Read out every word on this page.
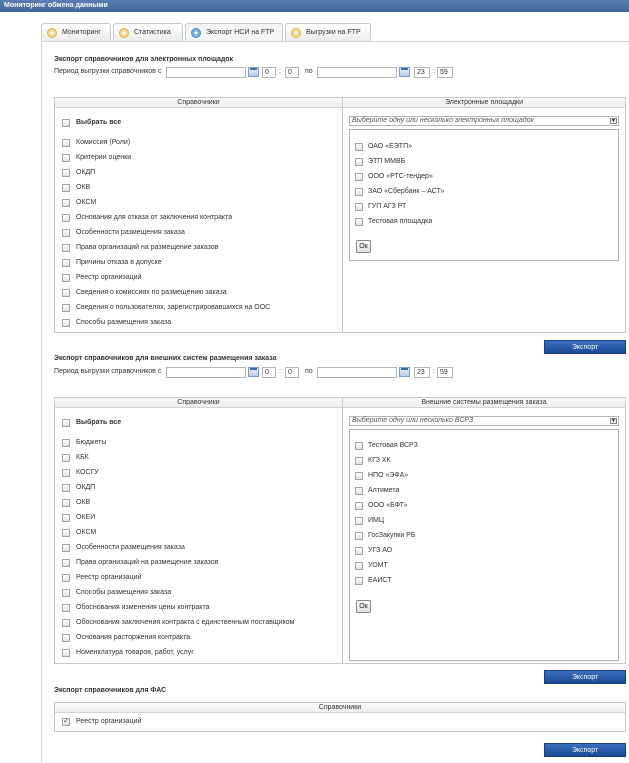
Мониторинг обмена данными
Мониторинг	Статистика	Экспорт НСИ на FTP	Выгрузки на FTP
Экспорт справочников для электронных площадок
Период выгрузки справочников с	0	:	0	по	23	: 59
Справочники	Электронные площадки
Выбрать все
Комиссия (Роли)
Критерии оценки
ОКДП
ОКВ
ОКСМ
Основания для отказа от заключения контракта
Особенности размещения заказа
Права организаций на размещение заказов
Причины отказа в допуске
Реестр организаций
Сведения о комиссиях по размещению заказа
Сведения о пользователях, зарегистрировавшихся на ООС
Способы размещения заказа
Выберите одну или несколько электронных площадок	▼
ОАО «ЕЭТП»
ЭТП ММВБ
ООО «РТС-тендер»
ЗАО «Сбербанк – АСТ»
ГУП АГЗ РТ
Тестовая площадка
Ок
Экспорт
Экспорт справочников для внешних систем размещения заказа
Период выгрузки справочников с	0	:	0	по	23	: 59
Справочники	Внешние системы размещения заказа
Выбрать все
Бюджеты
КБК
КОСГУ
ОКДП
ОКВ
ОКЕИ
ОКСМ
Особенности размещения заказа
Права организаций на размещение заказов
Реестр организаций
Способы размещения заказа
Обоснования изменения цены контракта
Обоснования заключения контракта с единственным поставщиком
Основания расторжения контракта
Номенклатура товаров, работ, услуг
Выберите одну или несколько ВСРЗ	▼
Тестовая ВСРЗ
КГЗ ХК
НПО «ЭФА»
Алтимета
ООО «БФТ»
ИМЦ
ГосЗакупки РБ
УГЗ АО
УОМТ
ЕАИСТ
Ок
Экспорт
Экспорт справочников для ФАС
Справочники
✓
Реестр организаций
Экспорт
